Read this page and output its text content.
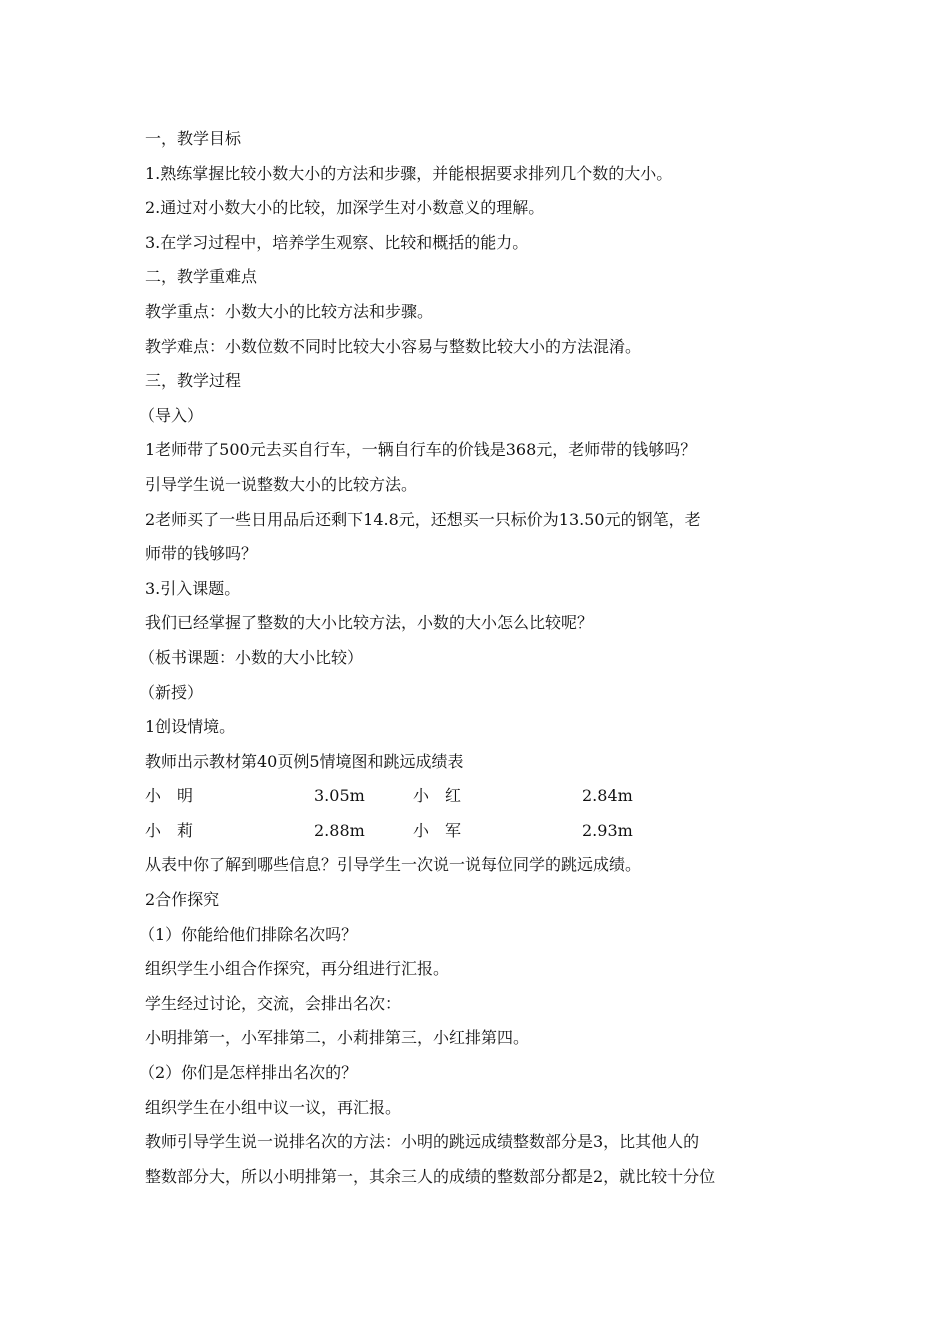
一，教学目标
1.熟练掌握比较小数大小的方法和步骤，并能根据要求排列几个数的大小。
2.通过对小数大小的比较，加深学生对小数意义的理解。
3.在学习过程中，培养学生观察、比较和概括的能力。
二，教学重难点
教学重点：小数大小的比较方法和步骤。
教学难点：小数位数不同时比较大小容易与整数比较大小的方法混淆。
三，教学过程
（导入）
1老师带了500元去买自行车，一辆自行车的价钱是368元，老师带的钱够吗？
引导学生说一说整数大小的比较方法。
2老师买了一些日用品后还剩下14.8元，还想买一只标价为13.50元的钢笔，老
师带的钱够吗？
3.引入课题。
我们已经掌握了整数的大小比较方法，小数的大小怎么比较呢？
（板书课题：小数的大小比较）
（新授）
1创设情境。
教师出示教材第40页例5情境图和跳远成绩表
小　明	3.05m	小　红	2.84m
小　莉	2.88m	小　军	2.93m
从表中你了解到哪些信息？引导学生一次说一说每位同学的跳远成绩。
2合作探究
（1）你能给他们排除名次吗？
组织学生小组合作探究，再分组进行汇报。
学生经过讨论，交流，会排出名次：
小明排第一，小军排第二，小莉排第三，小红排第四。
（2）你们是怎样排出名次的？
组织学生在小组中议一议，再汇报。
教师引导学生说一说排名次的方法：小明的跳远成绩整数部分是3，比其他人的
整数部分大，所以小明排第一，其余三人的成绩的整数部分都是2，就比较十分位
